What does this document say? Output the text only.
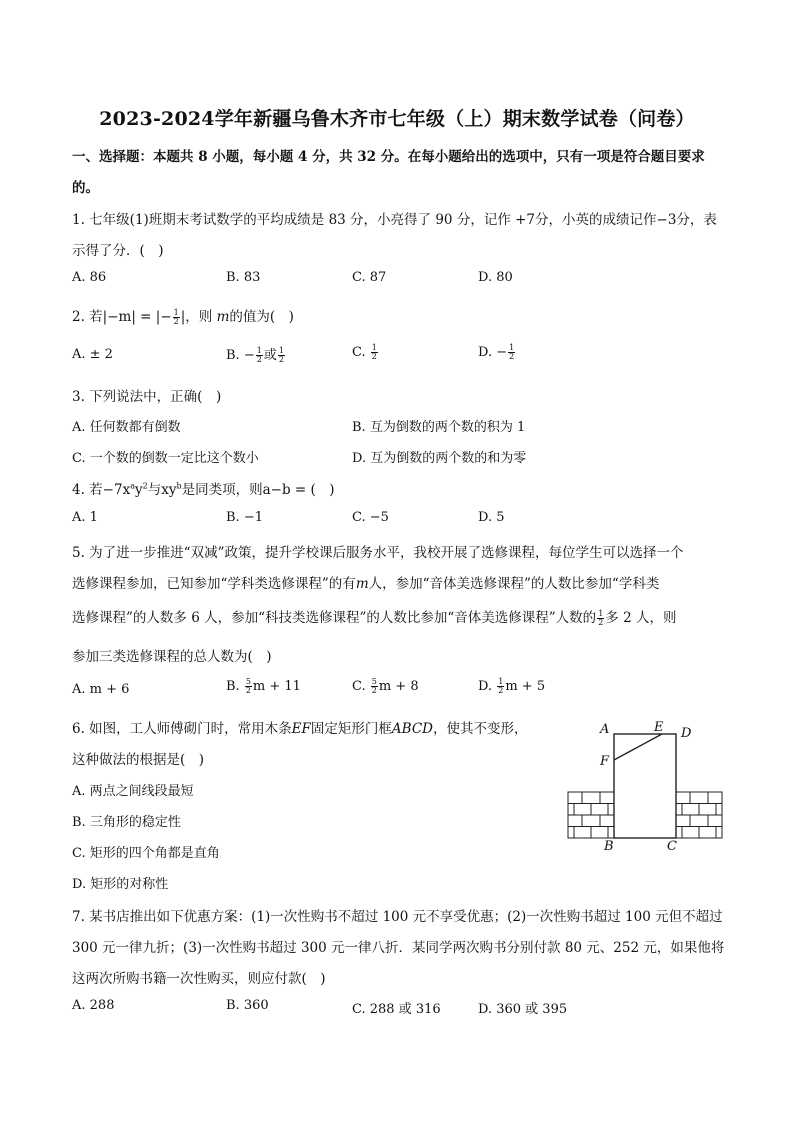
2023-2024学年新疆乌鲁木齐市七年级（上）期末数学试卷（问卷）
一、选择题：本题共 8 小题，每小题 4 分，共 32 分。在每小题给出的选项中，只有一项是符合题目要求
的。
1. 七年级(1)班期末考试数学的平均成绩是 83 分，小亮得了 90 分，记作 +7分，小英的成绩记作−3分，表
示得了分．(　)
A. 86	B. 83	C. 87	D. 80
2. 若|−m| = |− $\frac{1}{2}$ |，则 m的值为(　)
A. ± 2	B. − $\frac{1}{2}$ 或 $\frac{1}{2}$	C. $\frac{1}{2}$	D. − $\frac{1}{2}$
3. 下列说法中，正确(　)
A. 任何数都有倒数	B. 互为倒数的两个数的积为 1
C. 一个数的倒数一定比这个数小	D. 互为倒数的两个数的和为零
4. 若$-7x^ay^2$与$xy^b$是同类项，则a−b = (　)
A. 1	B. −1	C. −5	D. 5
5. 为了进一步推进“双减”政策，提升学校课后服务水平，我校开展了选修课程，每位学生可以选择一个
选修课程参加，已知参加“学科类选修课程”的有m人，参加“音体美选修课程”的人数比参加“学科类
选修课程”的人数多 6 人，参加“科技类选修课程”的人数比参加“音体美选修课程”人数的 $\frac{1}{2}$ 多 2 人，则
参加三类选修课程的总人数为(　)
A. m + 6	B. $\frac{5}{2}$ m + 11	C. $\frac{5}{2}$ m + 8	D. $\frac{1}{2}$ m + 5
6. 如图，工人师傅砌门时，常用木条EF固定矩形门框ABCD，使其不变形，
这种做法的根据是(　)
A. 两点之间线段最短
B. 三角形的稳定性
C. 矩形的四个角都是直角
D. 矩形的对称性
A	E D
F
B	C
7. 某书店推出如下优惠方案：(1)一次性购书不超过 100 元不享受优惠；(2)一次性购书超过 100 元但不超过
300 元一律九折；(3)一次性购书超过 300 元一律八折．某同学两次购书分别付款 80 元、252 元，如果他将
这两次所购书籍一次性购买，则应付款(　)
A. 288	B. 360	C. 288 或 316	D. 360 或 395
